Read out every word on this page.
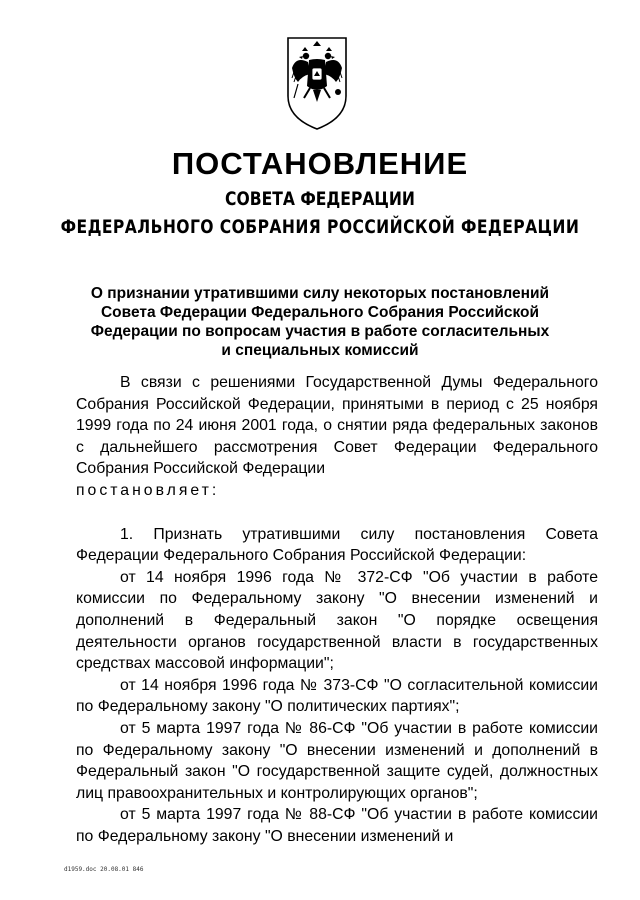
ПОСТАНОВЛЕНИЕ
СОВЕТА ФЕДЕРАЦИИ
ФЕДЕРАЛЬНОГО СОБРАНИЯ РОССИЙСКОЙ ФЕДЕРАЦИИ
О признании утратившими силу некоторых постановлений
Совета Федерации Федерального Собрания Российской
Федерации по вопросам участия в работе согласительных
и специальных комиссий

В связи с решениями Государственной Думы Федерального Собрания Российской Федерации, принятыми в период с 25 ноября 1999 года по 24 июня 2001 года, о снятии ряда федеральных законов с дальнейшего рассмотрения Совет Федерации Федерального Собрания Российской Федерации

постановляет:

1. Признать утратившими силу постановления Совета Федерации Федерального Собрания Российской Федерации:

от 14 ноября 1996 года № 372-СФ "Об участии в работе комиссии по Федеральному закону "О внесении изменений и дополнений в Федеральный закон "О порядке освещения деятельности органов государственной власти в государственных средствах массовой информации";

от 14 ноября 1996 года № 373-СФ "О согласительной комиссии по Федеральному закону "О политических партиях";

от 5 марта 1997 года № 86-СФ "Об участии в работе комиссии по Федеральному закону "О внесении изменений и дополнений в Федеральный закон "О государственной защите судей, должностных лиц правоохранительных и контролирующих органов";

от 5 марта 1997 года № 88-СФ "Об участии в работе комиссии по Федеральному закону "О внесении изменений и

d1959.doc 20.08.01 846
